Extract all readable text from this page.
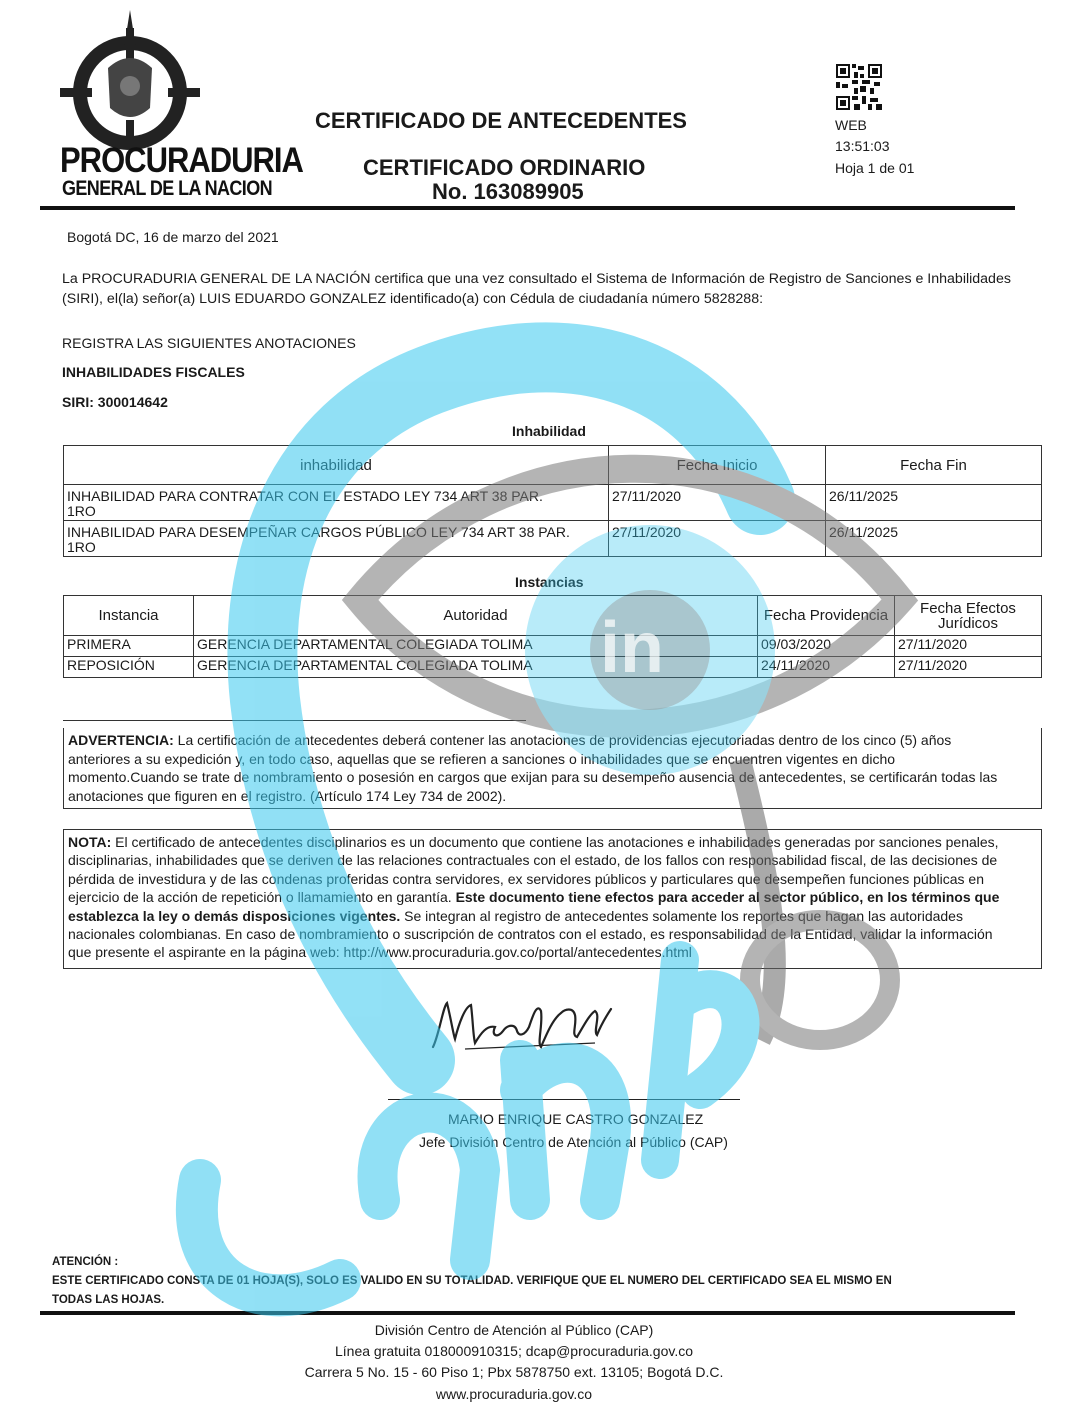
PROCURADURIA
GENERAL DE LA NACION
CERTIFICADO DE ANTECEDENTES
CERTIFICADO ORDINARIO
No. 163089905
WEB
13:51:03
Hoja 1 de 01
Bogotá DC, 16 de marzo del 2021
La PROCURADURIA GENERAL DE LA NACIÓN certifica que una vez consultado el Sistema de Información de Registro de Sanciones e Inhabilidades
(SIRI), el(la) señor(a) LUIS EDUARDO GONZALEZ identificado(a) con Cédula de ciudadanía número 5828288:
REGISTRA LAS SIGUIENTES ANOTACIONES
INHABILIDADES FISCALES
SIRI: 300014642
Inhabilidad
inhabilidad	Fecha Inicio	Fecha Fin
INHABILIDAD PARA CONTRATAR CON EL ESTADO LEY 734 ART 38 PAR.
1RO	27/11/2020	26/11/2025
INHABILIDAD PARA DESEMPEÑAR CARGOS PÚBLICO LEY 734 ART 38 PAR.
1RO	27/11/2020	26/11/2025
Instancias
Instancia	Autoridad	Fecha Providencia	Fecha Efectos
Jurídicos
PRIMERA	GERENCIA DEPARTAMENTAL COLEGIADA TOLIMA	09/03/2020	27/11/2020
REPOSICIÓN	GERENCIA DEPARTAMENTAL COLEGIADA TOLIMA	24/11/2020	27/11/2020
ADVERTENCIA: La certificación de antecedentes deberá contener las anotaciones de providencias ejecutoriadas dentro de los cinco (5) años
anteriores a su expedición y, en todo caso, aquellas que se refieren a sanciones o inhabilidades que se encuentren vigentes en dicho
momento.Cuando se trate de nombramiento o posesión en cargos que exijan para su desempeño ausencia de antecedentes, se certificarán todas las
anotaciones que figuren en el registro. (Artículo 174 Ley 734 de 2002).
NOTA: El certificado de antecedentes disciplinarios es un documento que contiene las anotaciones e inhabilidades generadas por sanciones penales,
disciplinarias, inhabilidades que se deriven de las relaciones contractuales con el estado, de los fallos con responsabilidad fiscal, de las decisiones de
pérdida de investidura y de las condenas proferidas contra servidores, ex servidores públicos y particulares que desempeñen funciones públicas en
ejercicio de la acción de repetición o llamamiento en garantía. Este documento tiene efectos para acceder al sector público, en los términos que
establezca la ley o demás disposiciones vigentes. Se integran al registro de antecedentes solamente los reportes que hagan las autoridades
nacionales colombianas. En caso de nombramiento o suscripción de contratos con el estado, es responsabilidad de la Entidad, validar la información
que presente el aspirante en la página web: http://www.procuraduria.gov.co/portal/antecedentes.html
MARIO ENRIQUE CASTRO GONZALEZ
Jefe División Centro de Atención al Público (CAP)
ATENCIÓN :
ESTE CERTIFICADO CONSTA DE 01 HOJA(S), SOLO ES VALIDO EN SU TOTALIDAD. VERIFIQUE QUE EL NUMERO DEL CERTIFICADO SEA EL MISMO EN
TODAS LAS HOJAS.
División Centro de Atención al Público (CAP)
Línea gratuita 018000910315; dcap@procuraduria.gov.co
Carrera 5 No. 15 - 60 Piso 1; Pbx 5878750 ext. 13105; Bogotá D.C.
www.procuraduria.gov.co
in
